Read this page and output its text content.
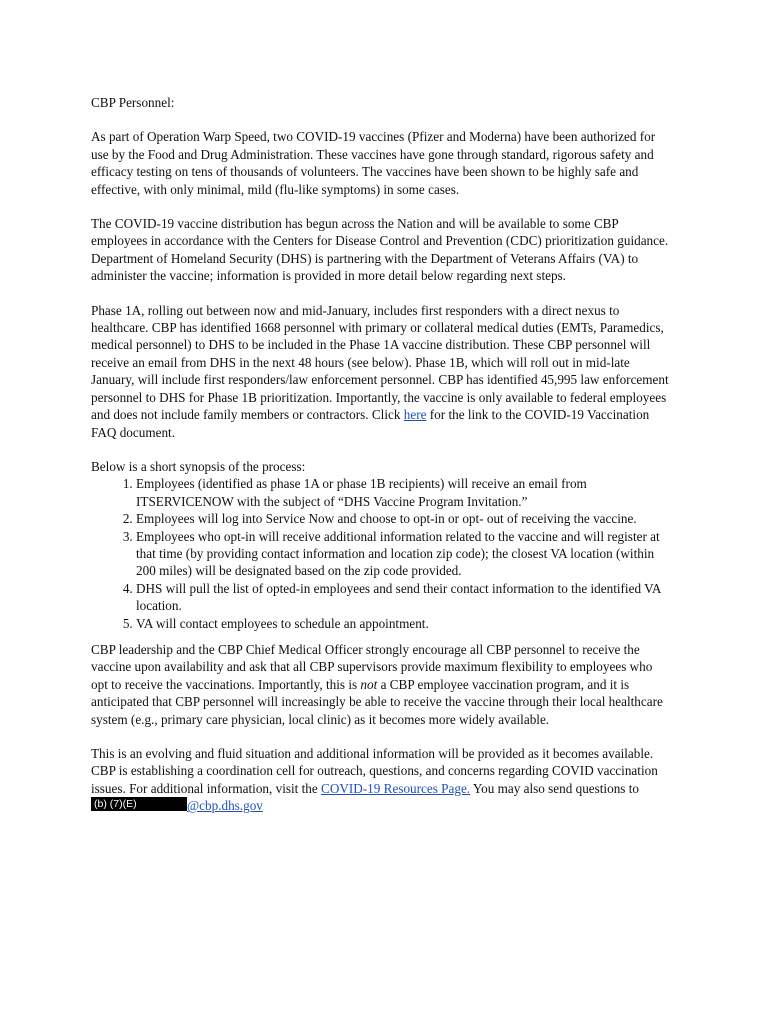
CBP Personnel:

As part of Operation Warp Speed, two COVID-19 vaccines (Pfizer and Moderna) have been authorized for use by the Food and Drug Administration. These vaccines have gone through standard, rigorous safety and efficacy testing on tens of thousands of volunteers. The vaccines have been shown to be highly safe and effective, with only minimal, mild (flu-like symptoms) in some cases.

The COVID-19 vaccine distribution has begun across the Nation and will be available to some CBP employees in accordance with the Centers for Disease Control and Prevention (CDC) prioritization guidance. Department of Homeland Security (DHS) is partnering with the Department of Veterans Affairs (VA) to administer the vaccine; information is provided in more detail below regarding next steps.

Phase 1A, rolling out between now and mid-January, includes first responders with a direct nexus to healthcare. CBP has identified 1668 personnel with primary or collateral medical duties (EMTs, Paramedics, medical personnel) to DHS to be included in the Phase 1A vaccine distribution. These CBP personnel will receive an email from DHS in the next 48 hours (see below). Phase 1B, which will roll out in mid-late January, will include first responders/law enforcement personnel. CBP has identified 45,995 law enforcement personnel to DHS for Phase 1B prioritization. Importantly, the vaccine is only available to federal employees and does not include family members or contractors. Click here for the link to the COVID-19 Vaccination FAQ document.

Below is a short synopsis of the process:

1. Employees (identified as phase 1A or phase 1B recipients) will receive an email from ITSERVICENOW with the subject of “DHS Vaccine Program Invitation.”
2. Employees will log into Service Now and choose to opt-in or opt- out of receiving the vaccine.
3. Employees who opt-in will receive additional information related to the vaccine and will register at that time (by providing contact information and location zip code); the closest VA location (within 200 miles) will be designated based on the zip code provided.
4. DHS will pull the list of opted-in employees and send their contact information to the identified VA location.
5. VA will contact employees to schedule an appointment.

CBP leadership and the CBP Chief Medical Officer strongly encourage all CBP personnel to receive the vaccine upon availability and ask that all CBP supervisors provide maximum flexibility to employees who opt to receive the vaccinations. Importantly, this is not a CBP employee vaccination program, and it is anticipated that CBP personnel will increasingly be able to receive the vaccine through their local healthcare system (e.g., primary care physician, local clinic) as it becomes more widely available.

This is an evolving and fluid situation and additional information will be provided as it becomes available. CBP is establishing a coordination cell for outreach, questions, and concerns regarding COVID vaccination issues. For additional information, visit the COVID-19 Resources Page. You may also send questions to(b) (7)(E)	@cbp.dhs.gov
